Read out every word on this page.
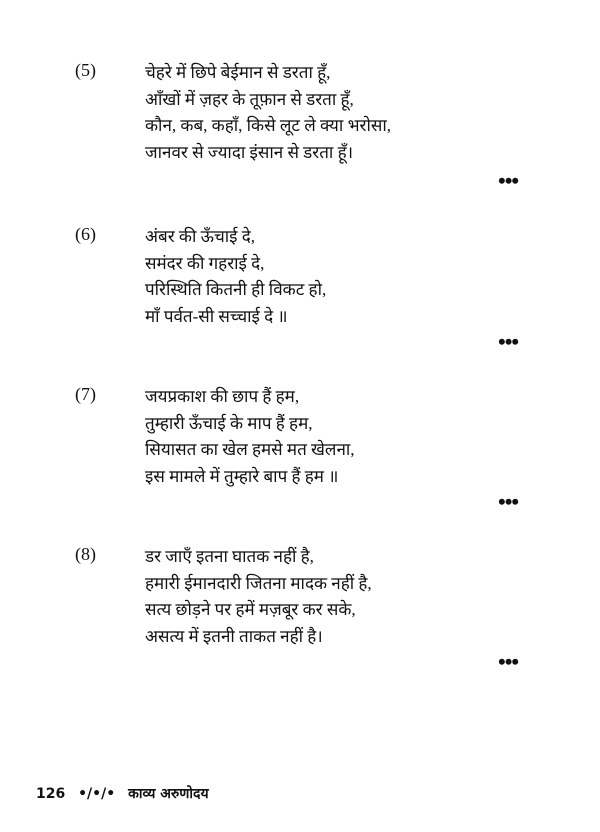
(5)	चेहरे में छिपे बेईमान से डरता हूँ,
आँखों में ज़हर के तूफ़ान से डरता हूँ,
कौन, कब, कहाँ, किसे लूट ले क्या भरोसा,
जानवर से ज्यादा इंसान से डरता हूँ।
•••
(6)	अंबर की ऊँचाई दे,
समंदर की गहराई दे,
परिस्थिति कितनी ही विकट हो,
माँ पर्वत-सी सच्चाई दे ॥
•••
(7)	जयप्रकाश की छाप हैं हम,
तुम्हारी ऊँचाई के माप हैं हम,
सियासत का खेल हमसे मत खेलना,
इस मामले में तुम्हारे बाप हैं हम ॥
•••
(8)	डर जाएँ इतना घातक नहीं है,
हमारी ईमानदारी जितना मादक नहीं है,
सत्य छोड़ने पर हमें मज़बूर कर सके,
असत्य में इतनी ताकत नहीं है।
•••
126 •/•/• काव्य अरुणोदय
